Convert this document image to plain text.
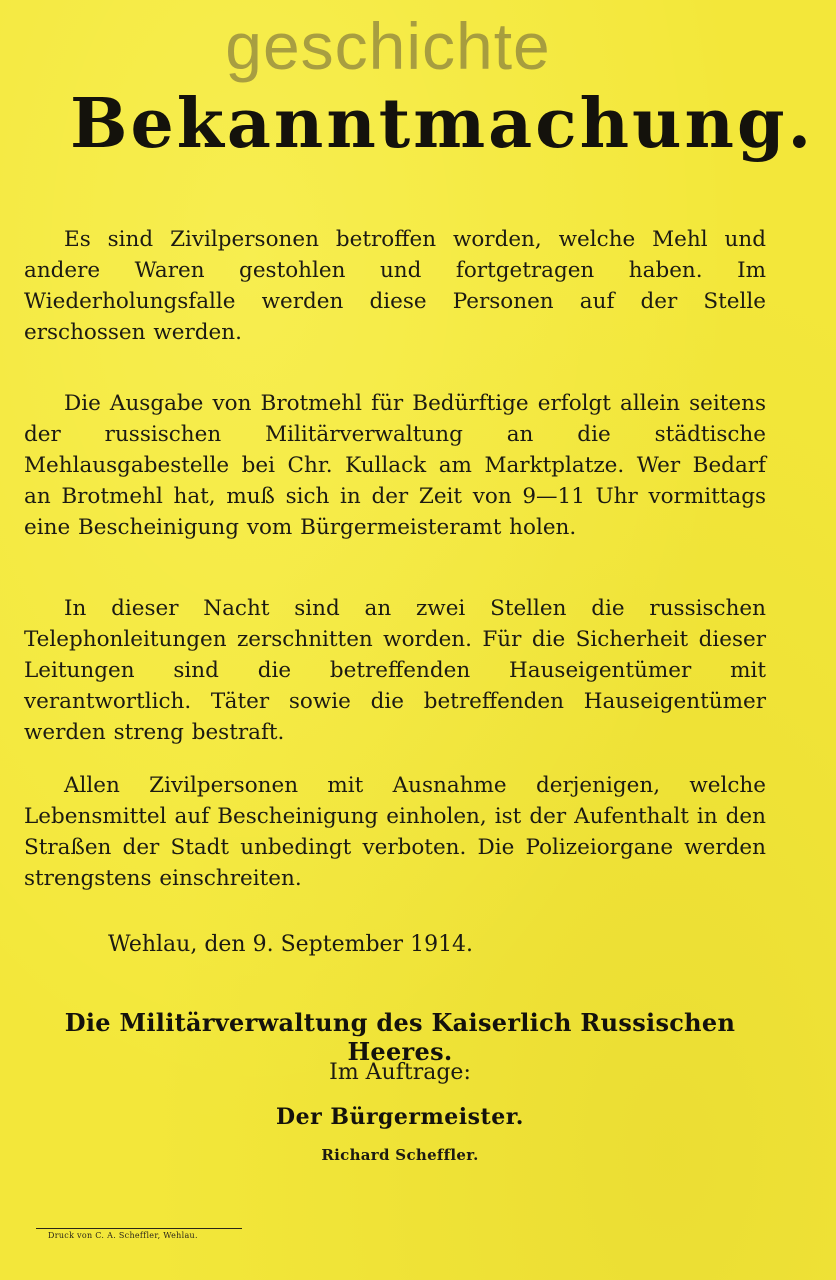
geschichte
Bekanntmachung.
Es sind Zivilpersonen betroffen worden, welche Mehl und andere Waren gestohlen und fortgetragen haben. Im Wiederholungsfalle werden diese Personen auf der Stelle erschossen werden.
Die Ausgabe von Brotmehl für Bedürftige erfolgt allein seitens der russischen Militärverwaltung an die städtische Mehlausgabestelle bei Chr. Kullack am Marktplatze. Wer Bedarf an Brotmehl hat, muß sich in der Zeit von 9—11 Uhr vormittags eine Bescheinigung vom Bürgermeisteramt holen.
In dieser Nacht sind an zwei Stellen die russischen Telephonleitungen zerschnitten worden. Für die Sicherheit dieser Leitungen sind die betreffenden Hauseigentümer mit verantwortlich. Täter sowie die betreffenden Hauseigentümer werden streng bestraft.
Allen Zivilpersonen mit Ausnahme derjenigen, welche Lebensmittel auf Bescheinigung einholen, ist der Aufenthalt in den Straßen der Stadt unbedingt verboten. Die Polizeiorgane werden strengstens einschreiten.
Wehlau, den 9. September 1914.
Die Militärverwaltung des Kaiserlich Russischen Heeres.
Im Auftrage:
Der Bürgermeister.
Richard Scheffler.
Druck von C. A. Scheffler, Wehlau.
